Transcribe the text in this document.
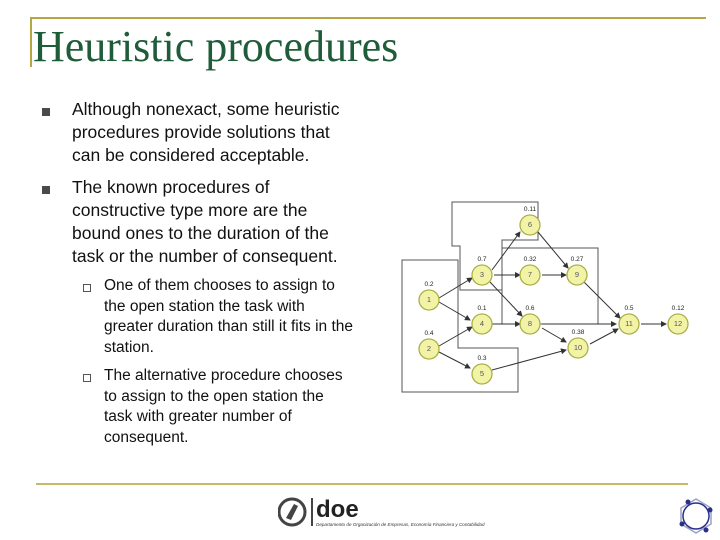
Heuristic procedures
Although nonexact, some heuristic
procedures provide solutions that
can be considered acceptable.
The known procedures of
constructive type more are the
bound ones to the duration of the
task or the number of consequent.
One of them chooses to assign to
the open station the task with
greater duration than still it fits in the
station.
The alternative procedure chooses
to assign to the open station the
task with greater number of
consequent.
1
2
3
4
5
6
7
8
9
10
11	12
0.2
0.4
0.7
0.1
0.3
0.11
0.32
0.6
0.27
0.38
0.5	0.12
doe
Departamento de Organización de Empresas, Economía Financiera y Contabilidad
